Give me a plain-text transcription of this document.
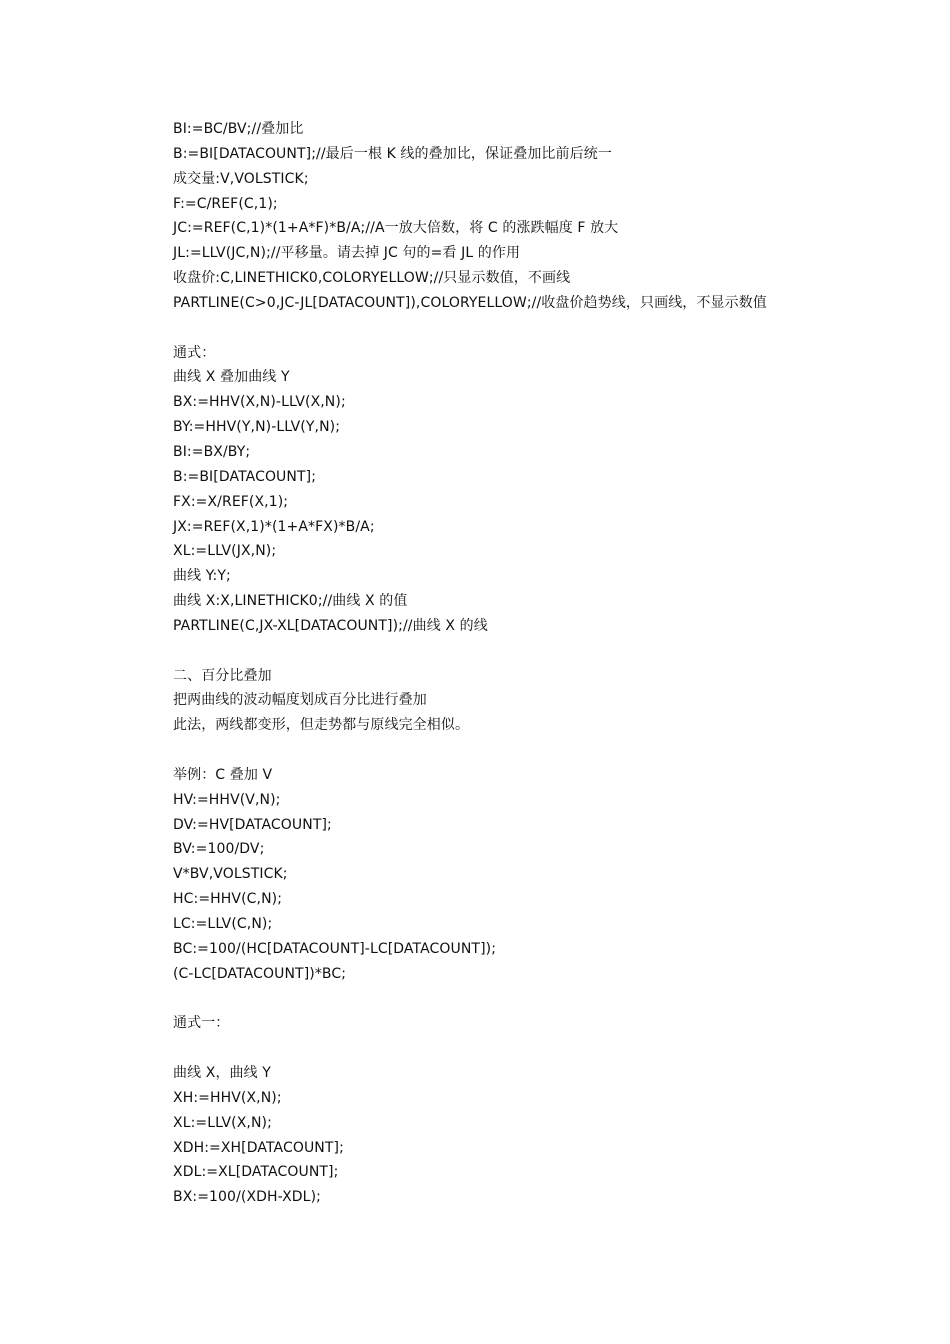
BI:=BC/BV;//叠加比
B:=BI[DATACOUNT];//最后一根 K 线的叠加比，保证叠加比前后统一
成交量:V,VOLSTICK;
F:=C/REF(C,1);
JC:=REF(C,1)*(1+A*F)*B/A;//A一放大倍数，将 C 的涨跌幅度 F 放大
JL:=LLV(JC,N);//平移量。请去掉 JC 句的=看 JL 的作用
收盘价:C,LINETHICK0,COLORYELLOW;//只显示数值，不画线
PARTLINE(C>0,JC-JL[DATACOUNT]),COLORYELLOW;//收盘价趋势线，只画线，不显示数值
通式：
曲线 X 叠加曲线 Y
BX:=HHV(X,N)-LLV(X,N);
BY:=HHV(Y,N)-LLV(Y,N);
BI:=BX/BY;
B:=BI[DATACOUNT];
FX:=X/REF(X,1);
JX:=REF(X,1)*(1+A*FX)*B/A;
XL:=LLV(JX,N);
曲线 Y:Y;
曲线 X:X,LINETHICK0;//曲线 X 的值
PARTLINE(C,JX-XL[DATACOUNT]);//曲线 X 的线
二、百分比叠加
把两曲线的波动幅度划成百分比进行叠加
此法，两线都变形，但走势都与原线完全相似。
举例：C 叠加 V
HV:=HHV(V,N);
DV:=HV[DATACOUNT];
BV:=100/DV;
V*BV,VOLSTICK;
HC:=HHV(C,N);
LC:=LLV(C,N);
BC:=100/(HC[DATACOUNT]-LC[DATACOUNT]);
(C-LC[DATACOUNT])*BC;
通式一：
曲线 X，曲线 Y
XH:=HHV(X,N);
XL:=LLV(X,N);
XDH:=XH[DATACOUNT];
XDL:=XL[DATACOUNT];
BX:=100/(XDH-XDL);
